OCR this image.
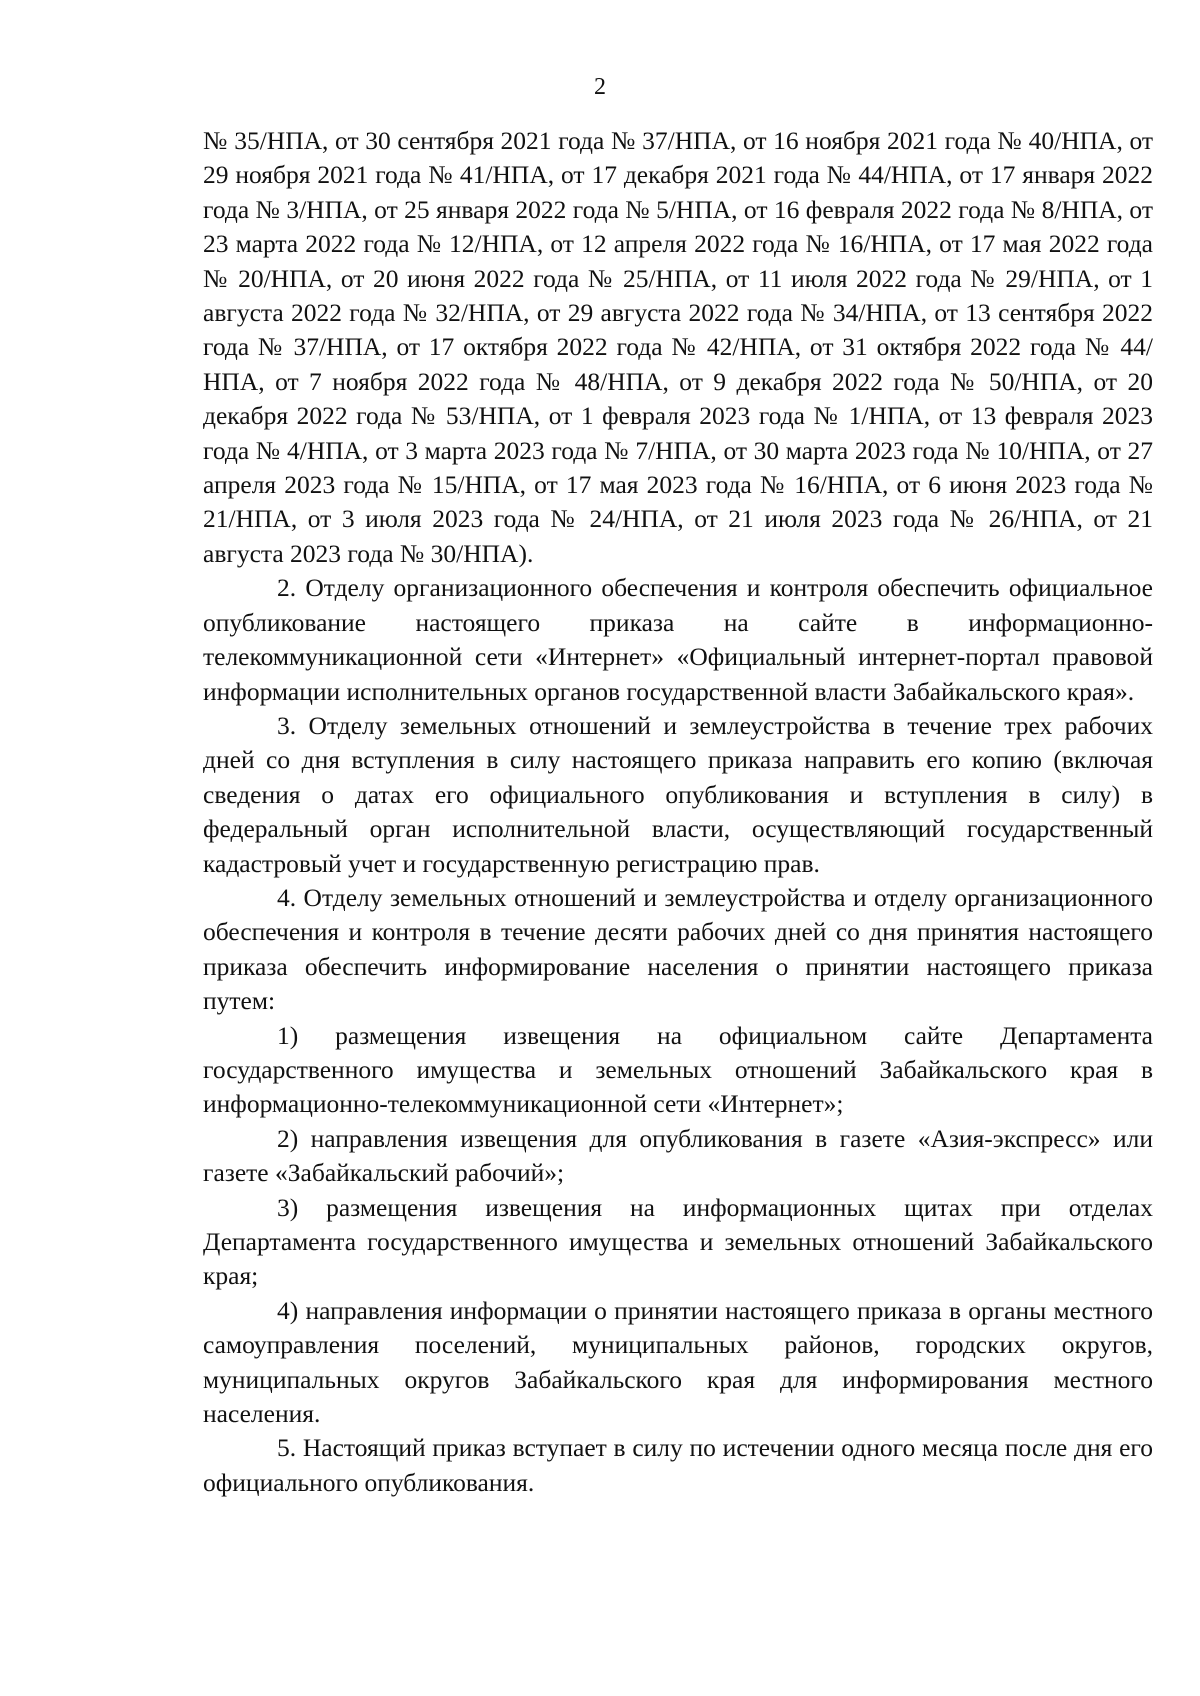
2

№ 35/НПА, от 30 сентября 2021 года № 37/НПА, от 16 ноября 2021 года № 40/НПА, от 29 ноября 2021 года № 41/НПА, от 17 декабря 2021 года № 44/НПА, от 17 января 2022 года № 3/НПА, от 25 января 2022 года № 5/НПА, от 16 февраля 2022 года № 8/НПА, от 23 марта 2022 года № 12/НПА, от 12 апреля 2022 года № 16/НПА, от 17 мая 2022 года № 20/НПА, от 20 июня 2022 года № 25/НПА, от 11 июля 2022 года № 29/НПА, от 1 августа 2022 года № 32/НПА, от 29 августа 2022 года № 34/НПА, от 13 сентября 2022 года № 37/НПА, от 17 октября 2022 года № 42/НПА, от 31 октября 2022 года № 44/НПА, от 7 ноября 2022 года № 48/НПА, от 9 декабря 2022 года № 50/НПА, от 20 декабря 2022 года № 53/НПА, от 1 февраля 2023 года № 1/НПА, от 13 февраля 2023 года № 4/НПА, от 3 марта 2023 года № 7/НПА, от 30 марта 2023 года № 10/НПА, от 27 апреля 2023 года № 15/НПА, от 17 мая 2023 года № 16/НПА, от 6 июня 2023 года № 21/НПА, от 3 июля 2023 года № 24/НПА, от 21 июля 2023 года № 26/НПА, от 21 августа 2023 года № 30/НПА).

2. Отделу организационного обеспечения и контроля обеспечить официальное опубликование настоящего приказа на сайте в информационно-телекоммуникационной сети «Интернет» «Официальный интернет-портал правовой информации исполнительных органов государственной власти Забайкальского края».

3. Отделу земельных отношений и землеустройства в течение трех рабочих дней со дня вступления в силу настоящего приказа направить его копию (включая сведения о датах его официального опубликования и вступления в силу) в федеральный орган исполнительной власти, осуществляющий государственный кадастровый учет и государственную регистрацию прав.

4. Отделу земельных отношений и землеустройства и отделу организационного обеспечения и контроля в течение десяти рабочих дней со дня принятия настоящего приказа обеспечить информирование населения о принятии настоящего приказа путем:

1) размещения извещения на официальном сайте Департамента государственного имущества и земельных отношений Забайкальского края в информационно-телекоммуникационной сети «Интернет»;

2) направления извещения для опубликования в газете «Азия-экспресс» или газете «Забайкальский рабочий»;

3) размещения извещения на информационных щитах при отделах Департамента государственного имущества и земельных отношений Забайкальского края;

4) направления информации о принятии настоящего приказа в органы местного самоуправления поселений, муниципальных районов, городских округов, муниципальных округов Забайкальского края для информирования местного населения.

5. Настоящий приказ вступает в силу по истечении одного месяца после дня его официального опубликования.
